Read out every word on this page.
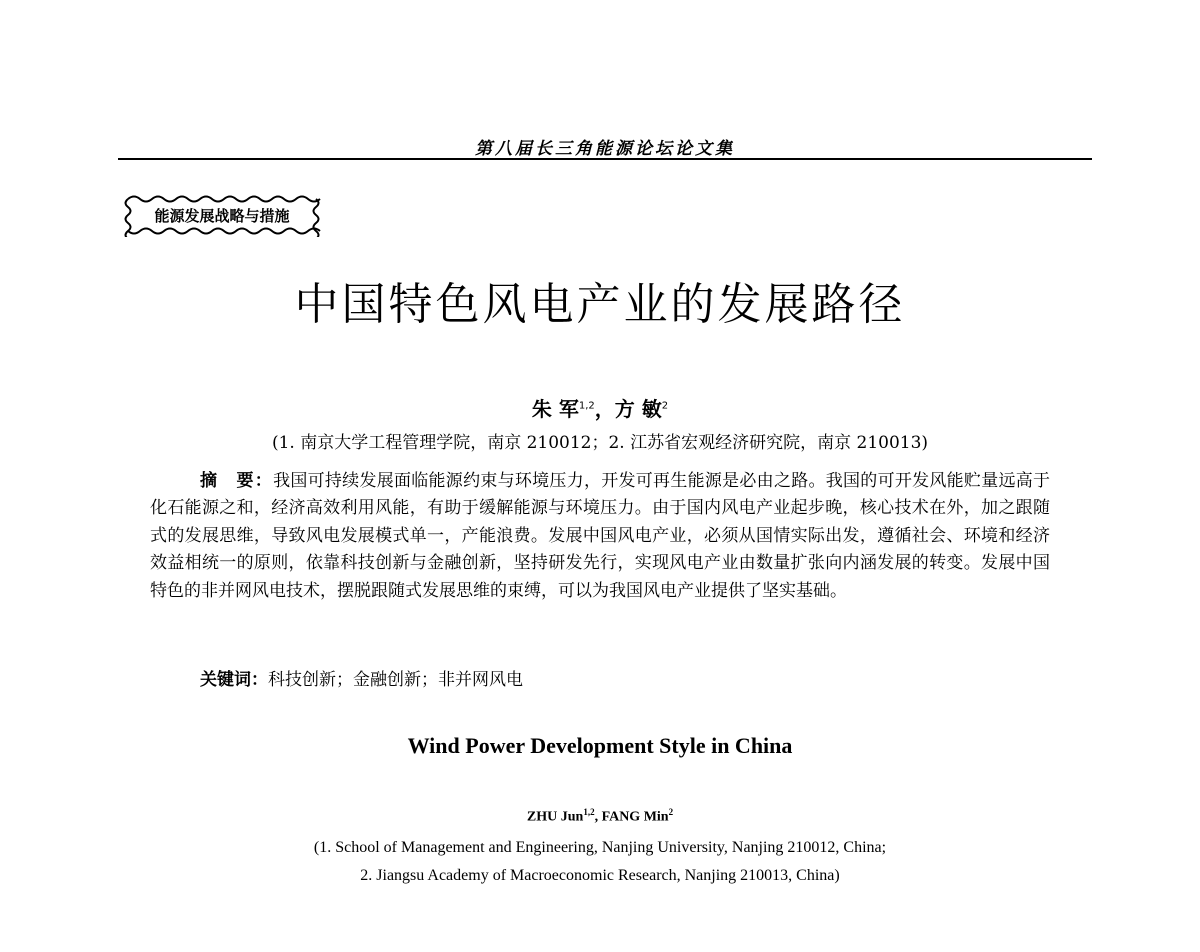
第八届长三角能源论坛论文集
能源发展战略与措施
中国特色风电产业的发展路径
朱 军$^{1,2}$，方 敏$^2$
(1. 南京大学工程管理学院，南京 210012；2. 江苏省宏观经济研究院，南京 210013)
摘　要：我国可持续发展面临能源约束与环境压力，开发可再生能源是必由之路。我国的可开发风能贮量远高于化石能源之和，经济高效利用风能，有助于缓解能源与环境压力。由于国内风电产业起步晚，核心技术在外，加之跟随式的发展思维，导致风电发展模式单一，产能浪费。发展中国风电产业，必须从国情实际出发，遵循社会、环境和经济效益相统一的原则，依靠科技创新与金融创新，坚持研发先行，实现风电产业由数量扩张向内涵发展的转变。发展中国特色的非并网风电技术，摆脱跟随式发展思维的束缚，可以为我国风电产业提供了坚实基础。
关键词：科技创新；金融创新；非并网风电
Wind Power Development Style in China
ZHU Jun$^{1,2}$, FANG Min$^2$
(1. School of Management and Engineering, Nanjing University, Nanjing 210012, China;
2. Jiangsu Academy of Macroeconomic Research, Nanjing 210013, China)
